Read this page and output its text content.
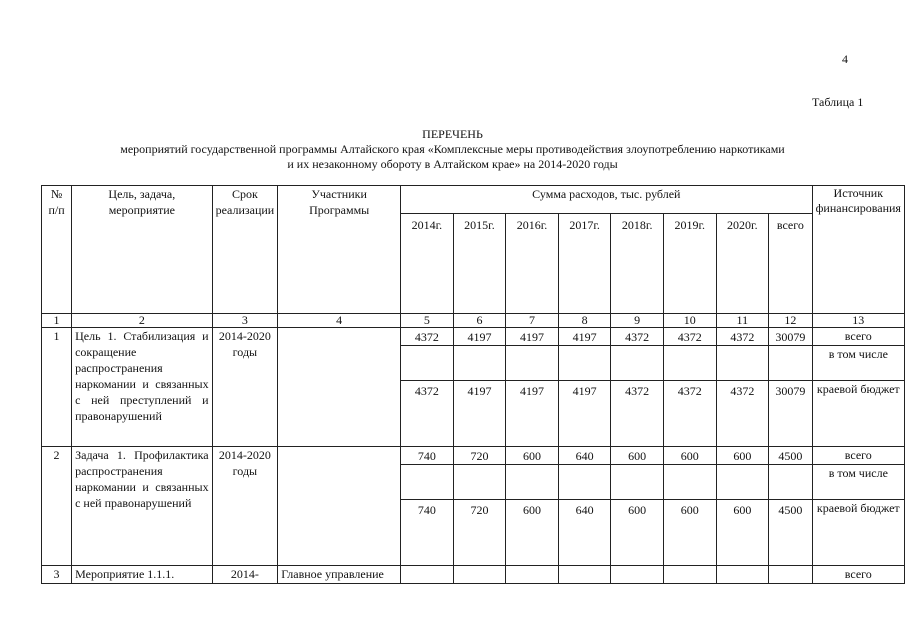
4
Таблица 1
ПЕРЕЧЕНЬ
мероприятий государственной программы Алтайского края «Комплексные меры противодействия злоупотреблению наркотиками
и их незаконному обороту в Алтайском крае» на 2014-2020 годы
№ п/п	Цель, задача, мероприятие	Срок реализации	Участники Программы	Сумма расходов, тыс. рублей								Источник финансирования
				2014г.	2015г.	2016г.	2017г.	2018г.	2019г.	2020г.	всего	
1	2	3	4	5	6	7	8	9	10	11	12	13
1	Цель 1. Стабилизация и сокращение распространения наркомании и связанных с ней преступлений и правонарушений	2014-2020 годы		4372	4197	4197	4197	4372	4372	4372	30079	всего
												в том числе
				4372	4197	4197	4197	4372	4372	4372	30079	краевой бюджет
2	Задача 1. Профилактика распространения наркомании и связанных с ней правонарушений	2014-2020 годы		740	720	600	640	600	600	600	4500	всего
												в том числе
				740	720	600	640	600	600	600	4500	краевой бюджет
3	Мероприятие 1.1.1.	2014-	Главное управление									всего
